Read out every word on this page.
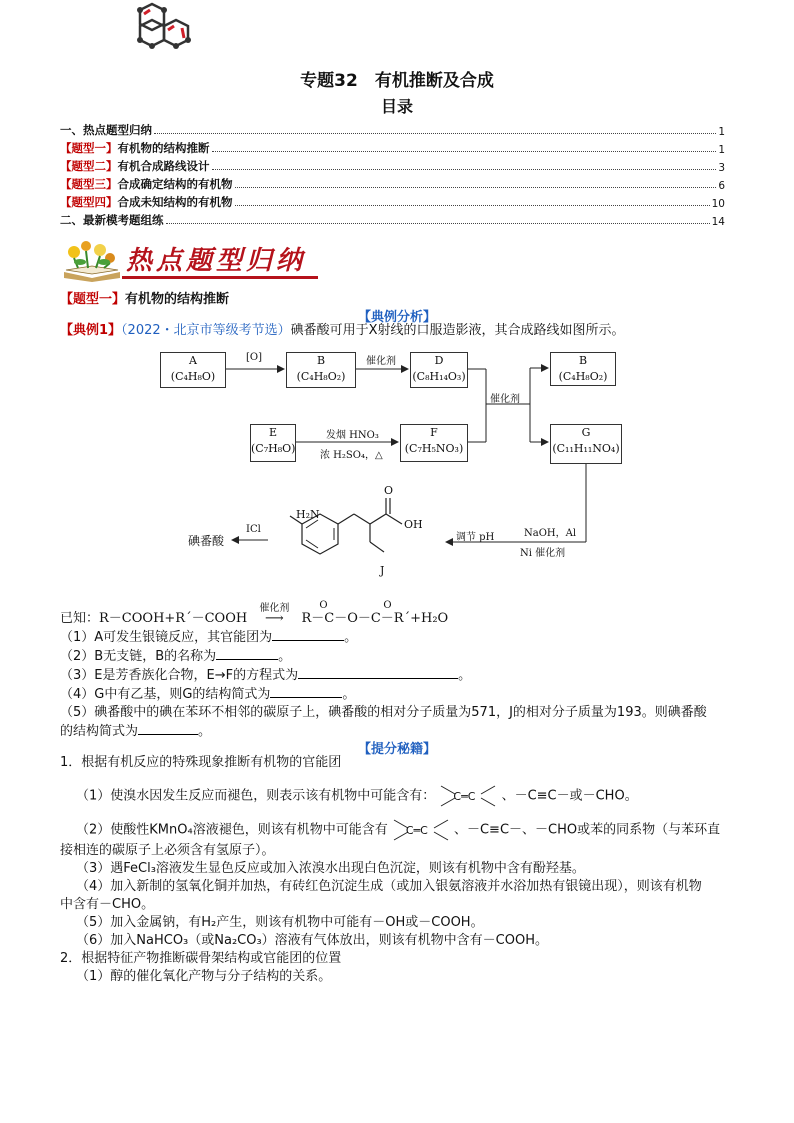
专题32　有机推断及合成
目录
一、热点题型归纳	1
【题型一】 有机物的结构推断	1
【题型二】 有机合成路线设计	3
【题型三】 合成确定结构的有机物	6
【题型四】 合成未知结构的有机物	10
二、最新模考题组练	14
热点题型归纳
【题型一】有机物的结构推断
【典例分析】
【典例1】（2022・北京市等级考节选）碘番酸可用于X射线的口服造影液，其合成路线如图所示。
A
(C₄H₈O)
[O]	B
(C₄H₈O₂)
催化剂	D
(C₈H₁₄O₃)
催化剂
B
(C₄H₈O₂)
E
(C₇H₈O)
发烟 HNO₃
浓 H₂SO₄，△
F
(C₇H₅NO₃)
G
(C₁₁H₁₁NO₄)
NaOH，Al
Ni 催化剂
调节 pH
ICl
碘番酸
H₂N
OH
O
J
已知：R－COOH+R´－COOH
催化剂
⟶
O	O
R－C－O－C－R´+H₂O
（1）A可发生银镜反应，其官能团为	。
（2）B无支链，B的名称为	。
（3）E是芳香族化合物，E→F的方程式为	。
（4）G中有乙基，则G的结构简式为	。
（5）碘番酸中的碘在苯环不相邻的碳原子上，碘番酸的相对分子质量为571，J的相对分子质量为193。则碘番酸
的结构简式为	。
【提分秘籍】
1．根据有机反应的特殊现象推断有机物的官能团
（1）使溴水因发生反应而褪色，则表示该有机物中可能含有： C═C 、－C≡C－或－CHO。
（2）使酸性KMnO₄溶液褪色，则该有机物中可能含有 C═C 、－C≡C－、－CHO或苯的同系物（与苯环直
接相连的碳原子上必须含有氢原子）。
（3）遇FeCl₃溶液发生显色反应或加入浓溴水出现白色沉淀，则该有机物中含有酚羟基。
（4）加入新制的氢氧化铜并加热，有砖红色沉淀生成（或加入银氨溶液并水浴加热有银镜出现），则该有机物
中含有－CHO。
（5）加入金属钠，有H₂产生，则该有机物中可能有－OH或－COOH。
（6）加入NaHCO₃（或Na₂CO₃）溶液有气体放出，则该有机物中含有－COOH。
2．根据特征产物推断碳骨架结构或官能团的位置
（1）醇的催化氧化产物与分子结构的关系。
